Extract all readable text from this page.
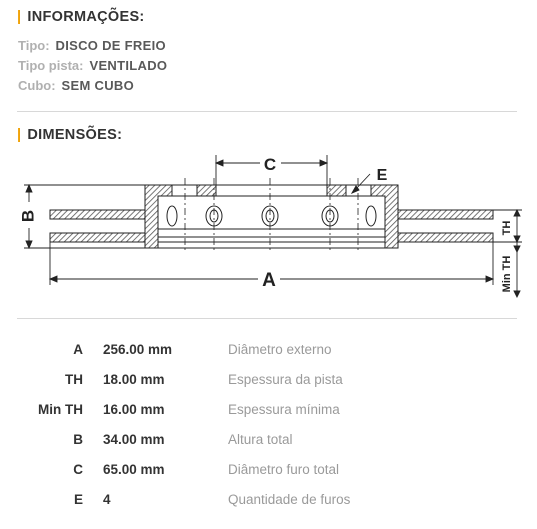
| INFORMAÇÕES:
Tipo: DISCO DE FREIO
Tipo pista: VENTILADO
Cubo: SEM CUBO
| DIMENSÕES:
C
E
B
A
TH
Min TH
A 256.00 mm	Diâmetro externo
TH 18.00 mm	Espessura da pista
Min TH 16.00 mm	Espessura mínima
B 34.00 mm	Altura total
C 65.00 mm	Diâmetro furo total
E 4	Quantidade de furos
